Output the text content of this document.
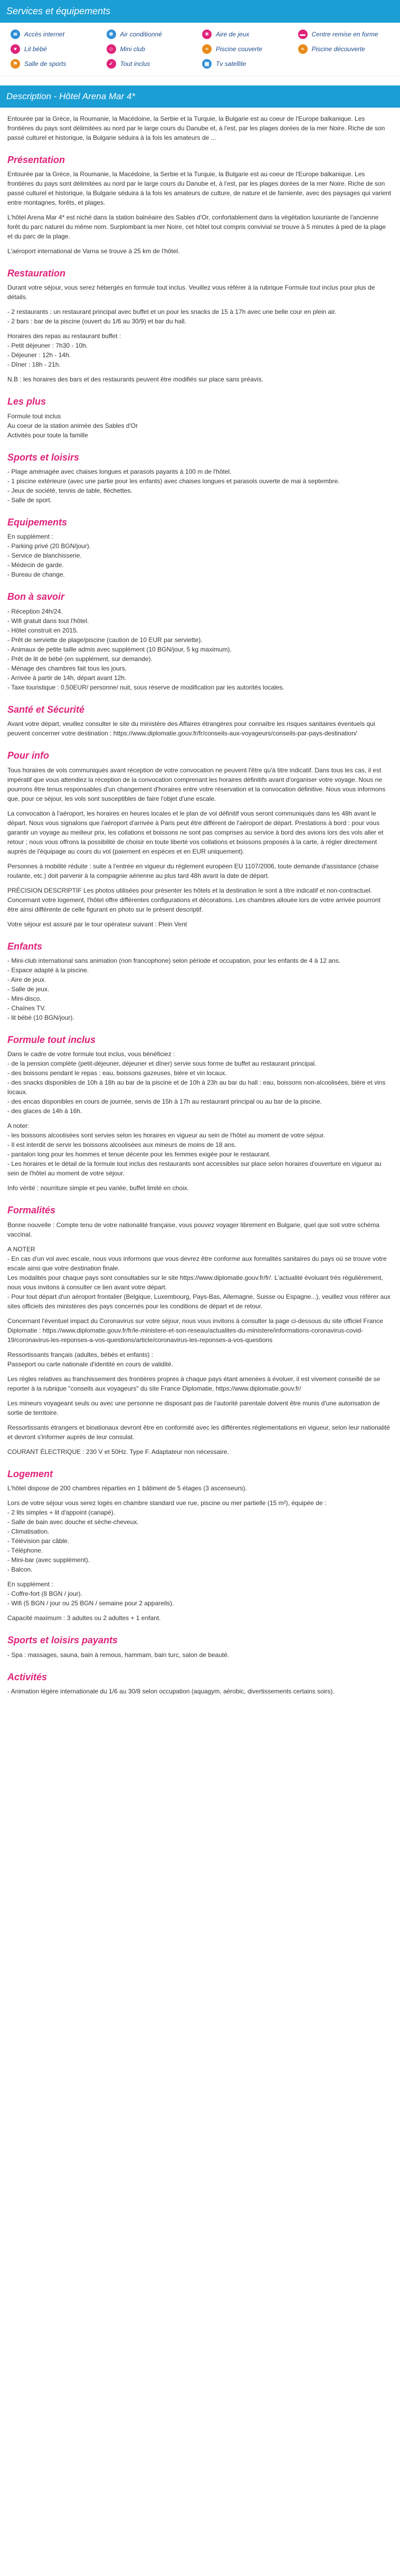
Services et équipements
≋	Accès internet	✻	Air conditionné	☀	Aire de jeux	▬	Centre remise en forme
♥	Lit bébé	☺ Mini club	≈	Piscine couverte	≈	Piscine découverte
⚑	Salle de sports	✓	Tout inclus	▣	Tv satellite
Description - Hôtel Arena Mar 4*

Entourée par la Grèce, la Roumanie, la Macédoine, la Serbie et la Turquie, la Bulgarie est au coeur de l'Europe balkanique. Les frontières du pays sont délimitées au nord par le large cours du Danube et, à l'est, par les plages dorées de la mer Noire. Riche de son passé culturel et historique, la Bulgarie séduira à la fois les amateurs de ...

Présentation

Entourée par la Grèce, la Roumanie, la Macédoine, la Serbie et la Turquie, la Bulgarie est au coeur de l'Europe balkanique. Les frontières du pays sont délimitées au nord par le large cours du Danube et, à l'est, par les plages dorées de la mer Noire. Riche de son passé culturel et historique, la Bulgarie séduira à la fois les amateurs de culture, de nature et de farniente, avec des paysages qui varient entre montagnes, forêts, et plages.

L'hôtel Arena Mar 4* est niché dans la station balnéaire des Sables d'Or, confortablement dans la végétation luxuriante de l'ancienne forêt du parc naturel du même nom. Surplombant la mer Noire, cet hôtel tout compris convivial se trouve à 5 minutes à pied de la plage et du parc de la plage.

L'aéroport international de Varna se trouve à 25 km de l'hôtel.

Restauration

Durant votre séjour, vous serez hébergés en formule tout inclus. Veuillez vous référer à la rubrique Formule tout inclus pour plus de détails.

- 2 restaurants : un restaurant principal avec buffet et un pour les snacks de 15 à 17h avec une belle cour en plein air.

- 2 bars : bar de la piscine (ouvert du 1/6 au 30/9) et bar du hall.

Horaires des repas au restaurant buffet :

- Petit déjeuner : 7h30 - 10h.

- Déjeuner : 12h - 14h.

- Dîner : 18h - 21h.

N.B : les horaires des bars et des restaurants peuvent être modifiés sur place sans préavis.

Les plus

Formule tout inclus

Au coeur de la station animée des Sables d'Or

Activités pour toute la famille

Sports et loisirs

- Plage aménagée avec chaises longues et parasols payants à 100 m de l'hôtel.

- 1 piscine extérieure (avec une partie pour les enfants) avec chaises longues et parasols ouverte de mai à septembre.

- Jeux de société, tennis de table, fléchettes.

- Salle de sport.

Equipements

En supplément :

- Parking privé (20 BGN/jour).

- Service de blanchisserie.

- Médecin de garde.

- Bureau de change.

Bon à savoir

- Réception 24h/24.

- Wifi gratuit dans tout l'hôtel.

- Hôtel construit en 2015.

- Prêt de serviette de plage/piscine (caution de 10 EUR par serviette).

- Animaux de petite taille admis avec supplément (10 BGN/jour, 5 kg maximum).

- Prêt de lit de bébé (en supplément, sur demande).

- Ménage des chambres fait tous les jours.

- Arrivée à partir de 14h, départ avant 12h.

- Taxe touristique : 0,50EUR/ personne/ nuit, sous réserve de modification par les autorités locales.

Santé et Sécurité

Avant votre départ, veuillez consulter le site du ministère des Affaires étrangères pour connaître les risques sanitaires éventuels qui peuvent concerner votre destination : https://www.diplomatie.gouv.fr/fr/conseils-aux-voyageurs/conseils-par-pays-destination/

Pour info

Tous horaires de vols communiqués avant réception de votre convocation ne peuvent l'être qu'à titre indicatif. Dans tous les cas, il est impératif que vous attendiez la réception de la convocation comprenant les horaires définitifs avant d'organiser votre voyage. Nous ne pourrons être tenus responsables d'un changement d'horaires entre votre réservation et la convocation définitive. Nous vous informons que, pour ce séjour, les vols sont susceptibles de faire l'objet d'une escale.

La convocation à l'aéroport, les horaires en heures locales et le plan de vol définitif vous seront communiqués dans les 48h avant le départ. Nous vous signalons que l'aéroport d'arrivée à Paris peut être différent de l'aéroport de départ. Prestations à bord : pour vous garantir un voyage au meilleur prix, les collations et boissons ne sont pas comprises au service à bord des avions lors des vols aller et retour ; nous vous offrons la possibilité de choisir en toute liberté vos collations et boissons proposés à la carte, à régler directement auprès de l'équipage au cours du vol (paiement en espèces et en EUR uniquement).

Personnes à mobilité réduite : suite à l'entrée en vigueur du règlement européen EU 1107/2006, toute demande d'assistance (chaise roulante, etc.) doit parvenir à la compagnie aérienne au plus tard 48h avant la date de départ.

PRÉCISION DESCRIPTIF Les photos utilisées pour présenter les hôtels et la destination le sont à titre indicatif et non-contractuel. Concernant votre logement, l'hôtel offre différentes configurations et décorations. Les chambres allouée lors de votre arrivée pourront être ainsi différente de celle figurant en photo sur le présent descriptif.

Votre séjour est assuré par le tour opérateur suivant : Plein Vent

Enfants

- Mini-club international sans animation (non francophone) selon période et occupation, pour les enfants de 4 à 12 ans.

- Espace adapté à la piscine.

- Aire de jeux.

- Salle de jeux.

- Mini-disco.

- Chaînes TV.

- lit bébé (10 BGN/jour).

Formule tout inclus

Dans le cadre de votre formule tout inclus, vous bénéficiez :

- de la pension complète (petit-déjeuner, déjeuner et dîner) servie sous forme de buffet au restaurant principal.

- des boissons pendant le repas : eau, boissons gazeuses, bière et vin locaux.

- des snacks disponibles de 10h à 18h au bar de la piscine et de 10h à 23h au bar du hall : eau, boissons non-alcoolisées, bière et vins locaux.

- des encas disponibles en cours de journée, servis de 15h à 17h au restaurant principal ou au bar de la piscine.

- des glaces de 14h à 16h.

A noter:

- les boissons alcoolisées sont servies selon les horaires en vigueur au sein de l'hôtel au moment de votre séjour.

- Il est interdit de servir les boissons alcoolisées aux mineurs de moins de 18 ans.

- pantalon long pour les hommes et tenue décente pour les femmes exigée pour le restaurant.

- Les horaires et le détail de la formule tout inclus des restaurants sont accessibles sur place selon horaires d'ouverture en vigueur au sein de l'hôtel au moment de votre séjour.

Info vérité : nourriture simple et peu variée, buffet limité en choix.

Formalités

Bonne nouvelle : Compte tenu de votre nationalité française, vous pouvez voyager librement en Bulgarie, quel que soit votre schéma vaccinal.

A NOTER

- En cas d'un vol avec escale, nous vous informons que vous devrez être conforme aux formalités sanitaires du pays où se trouve votre escale ainsi que votre destination finale.

Les modalités pour chaque pays sont consultables sur le site https://www.diplomatie.gouv.fr/fr/. L'actualité évoluant très régulièrement, nous vous invitons à consulter ce lien avant votre départ.

- Pour tout départ d'un aéroport frontalier (Belgique, Luxembourg, Pays-Bas, Allemagne, Suisse ou Espagne...), veuillez vous référer aux sites officiels des ministères des pays concernés pour les conditions de départ et de retour.

Concernant l'éventuel impact du Coronavirus sur votre séjour, nous vous invitons à consulter la page ci-dessous du site officiel France Diplomatie : https://www.diplomatie.gouv.fr/fr/le-ministere-et-son-reseau/actualites-du-ministere/informations-coronavirus-covid-19/coronavirus-les-reponses-a-vos-questions/article/coronavirus-les-reponses-a-vos-questions

Ressortissants français (adultes, bébés et enfants) :

Passeport ou carte nationale d'identité en cours de validité.

Les règles relatives au franchissement des frontières propres à chaque pays étant amenées à évoluer, il est vivement conseillé de se reporter à la rubrique "conseils aux voyageurs" du site France Diplomatie, https://www.diplomatie.gouv.fr/

Les mineurs voyageant seuls ou avec une personne ne disposant pas de l'autorité parentale doivent être munis d'une autorisation de sortie de territoire.

Ressortissants étrangers et binationaux devront être en conformité avec les différentes réglementations en vigueur, selon leur nationalité et devront s'informer auprès de leur consulat.

COURANT ÉLECTRIQUE : 230 V et 50Hz. Type F. Adaptateur non nécessaire.

Logement

L'hôtel dispose de 200 chambres réparties en 1 bâtiment de 5 étages (3 ascenseurs).

Lors de votre séjour vous serez logés en chambre standard vue rue, piscine ou mer partielle (15 m²), équipée de :

- 2 lits simples + lit d'appoint (canapé).

- Salle de bain avec douche et sèche-cheveux.

- Climatisation.

- Télévision par câble.

- Téléphone.

- Mini-bar (avec supplément).

- Balcon.

En supplément :

- Coffre-fort (8 BGN / jour).

- Wifi (5 BGN / jour ou 25 BGN / semaine pour 2 appareils).

Capacité maximum : 3 adultes ou 2 adultes + 1 enfant.

Sports et loisirs payants

- Spa : massages, sauna, bain à remous, hammam, bain turc, salon de beauté.

Activités

- Animation légère internationale du 1/6 au 30/8 selon occupation (aquagym, aérobic, divertissements certains soirs).
